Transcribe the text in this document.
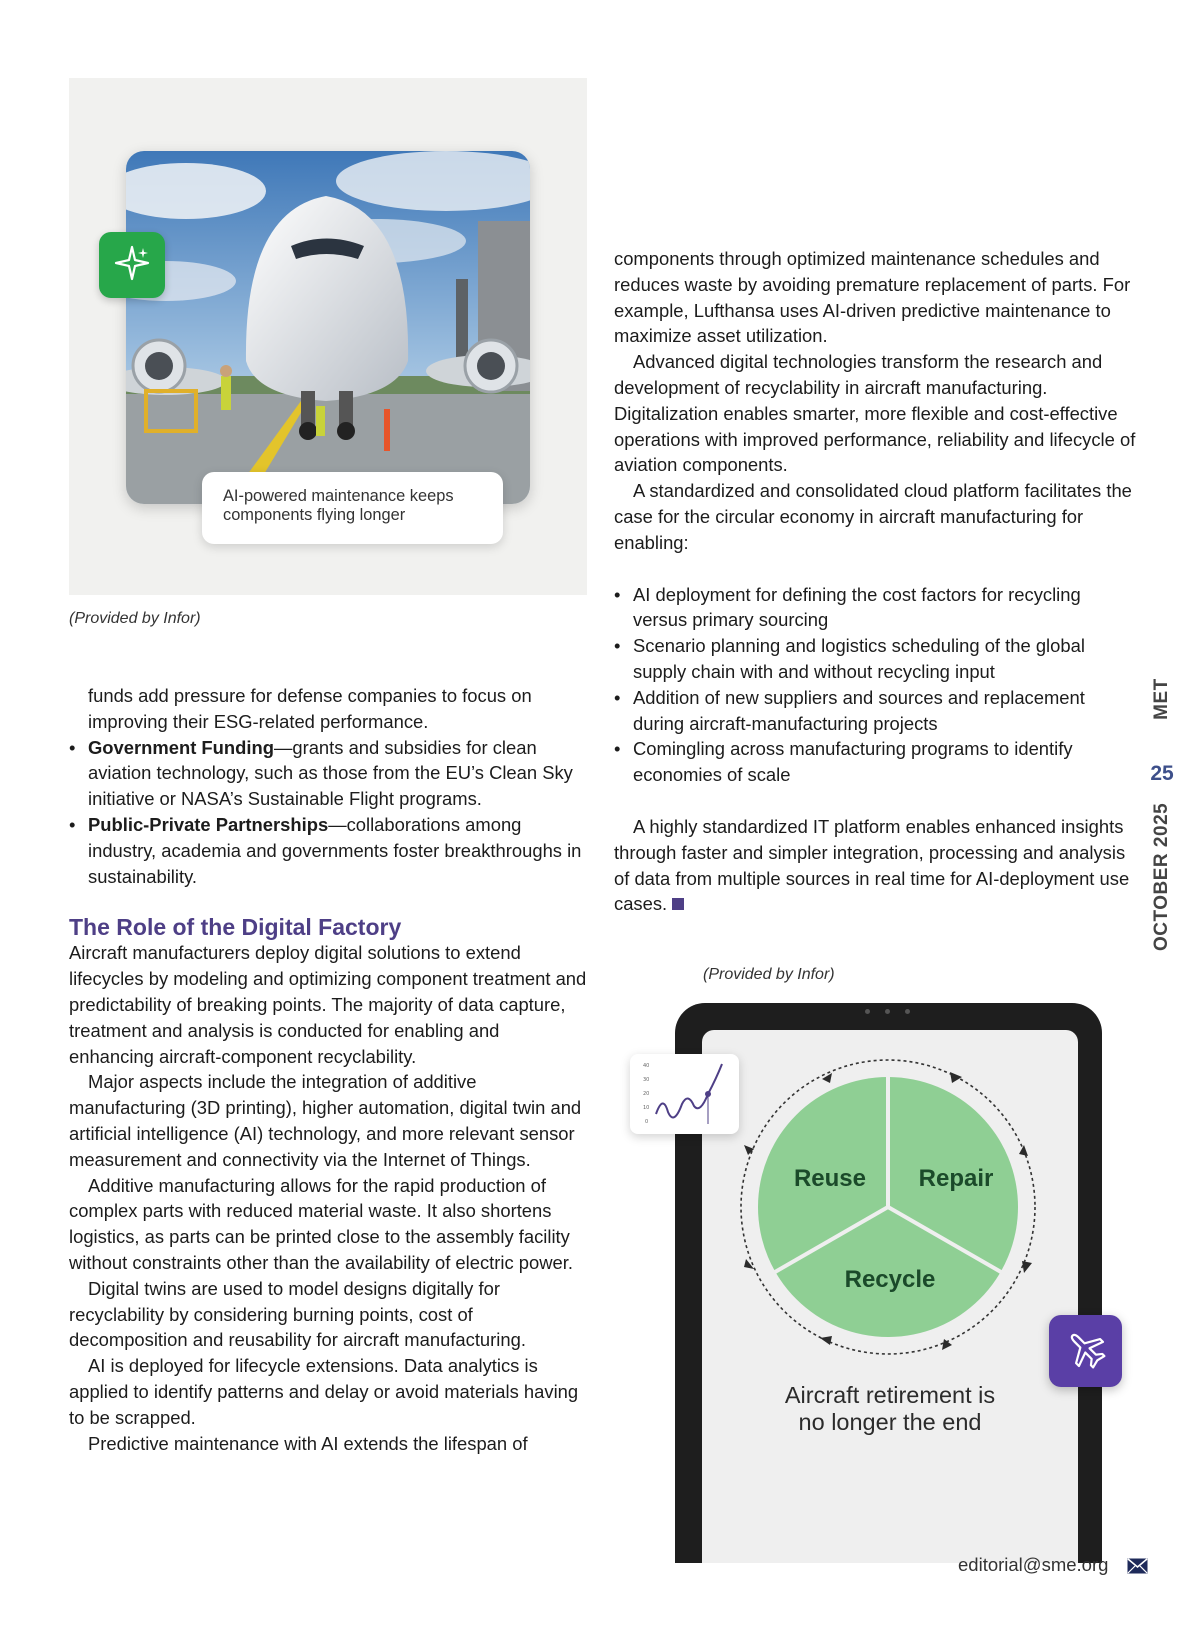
AI-powered maintenance keeps
components flying longer
(Provided by Infor)
funds add pressure for defense companies to focus on
improving their ESG-related performance.
• Government Funding—grants and subsidies for clean aviation technology, such as those from the EU’s Clean Sky initiative or NASA’s Sustainable Flight programs.
• Public-Private Partnerships—collaborations among industry, academia and governments foster breakthroughs in sustainability.
The Role of the Digital Factory

Aircraft manufacturers deploy digital solutions to extend lifecycles by modeling and optimizing component treatment and predictability of breaking points. The majority of data capture, treatment and analysis is conducted for enabling and enhancing aircraft-component recyclability.

Major aspects include the integration of additive manufacturing (3D printing), higher automation, digital twin and artificial intelligence (AI) technology, and more relevant sensor measurement and connectivity via the Internet of Things.

Additive manufacturing allows for the rapid production of complex parts with reduced material waste. It also shortens logistics, as parts can be printed close to the assembly facility without constraints other than the availability of electric power.

Digital twins are used to model designs digitally for recyclability by considering burning points, cost of decomposition and reusability for aircraft manufacturing.

AI is deployed for lifecycle extensions. Data analytics is applied to identify patterns and delay or avoid materials having to be scrapped.

Predictive maintenance with AI extends the lifespan of

components through optimized maintenance schedules and reduces waste by avoiding premature replacement of parts. For example, Lufthansa uses AI-driven predictive maintenance to maximize asset utilization.

Advanced digital technologies transform the research and development of recyclability in aircraft manufacturing. Digitalization enables smarter, more flexible and cost-effective operations with improved performance, reliability and lifecycle of aviation components.

A standardized and consolidated cloud platform facilitates the case for the circular economy in aircraft manufacturing for enabling:

• AI deployment for defining the cost factors for recycling versus primary sourcing
• Scenario planning and logistics scheduling of the global supply chain with and without recycling input
• Addition of new suppliers and sources and replacement during aircraft-manufacturing projects
• Comingling across manufacturing programs to identify economies of scale

A highly standardized IT platform enables enhanced insights through faster and simpler integration, processing and analysis of data from multiple sources in real time for AI-deployment use cases.

(Provided by Infor)
Reuse	Repair
Recycle
Aircraft retirement is
no longer the end
40
30
20
10
0
MET
25
OCTOBER 2025
editorial@sme.org
